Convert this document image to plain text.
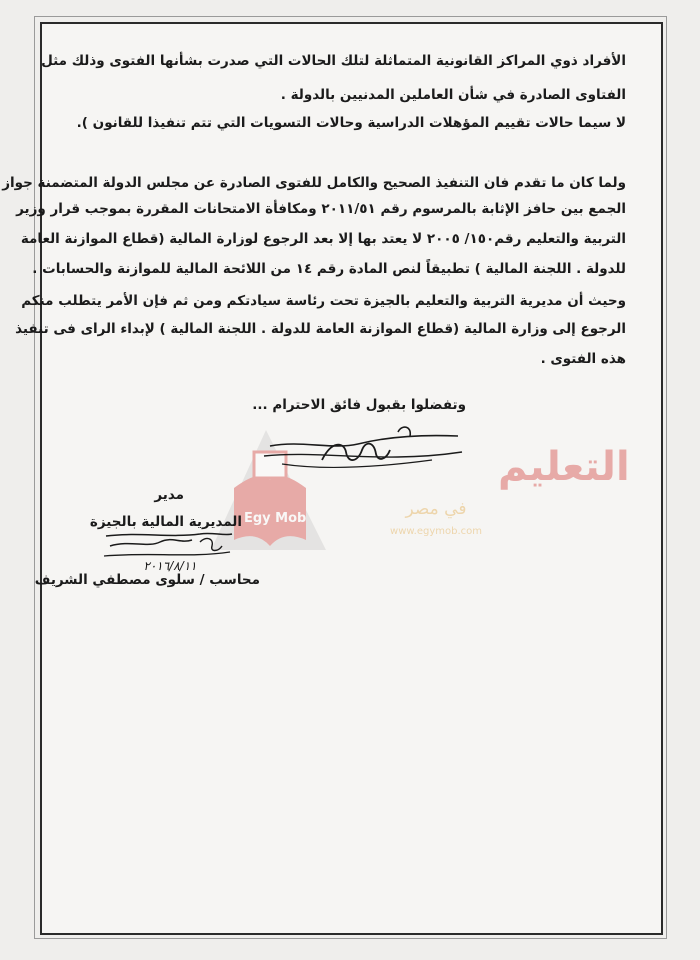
الأفراد ذوي المراكز القانونية المتماثلة لتلك الحالات التي صدرت بشأنها الفتوى وذلك مثل
الفتاوى الصادرة في شأن العاملين المدنيين بالدولة .
لا سيما حالات تقييم المؤهلات الدراسية وحالات التسويات التي تتم تنفيذا للقانون ).
ولما كان ما تقدم فان التنفيذ الصحيح والكامل للفتوى الصادرة عن مجلس الدولة المتضمنة جواز
الجمع بين حافز الإثابة بالمرسوم رقم ٢٠١١/٥١ ومكافأة الامتحانات المقررة بموجب قرار وزير
التربية والتعليم رقم١٥٠/ ٢٠٠٥ لا يعتد بها إلا بعد الرجوع لوزارة المالية (قطاع الموازنة العامة
للدولة . اللجنة المالية ) تطبيقاً لنص المادة رقم ١٤ من اللائحة المالية للموازنة والحسابات .
وحيث أن مديرية التربية والتعليم بالجيزة تحت رئاسة سيادتكم ومن ثم فإن الأمر يتطلب منكم
الرجوع إلى وزارة المالية (قطاع الموازنة العامة للدولة . اللجنة المالية ) لإبداء الراى فى تنفيذ
هذه الفتوى .
وتفضلوا بقبول فائق الاحترام ...
Egy Mob
التعليم
في مصر
www.egymob.com
مدير
المديرية المالية بالجيزة
٢٠١٦/٨/١١
محاسب / سلوى مصطفي الشريف
